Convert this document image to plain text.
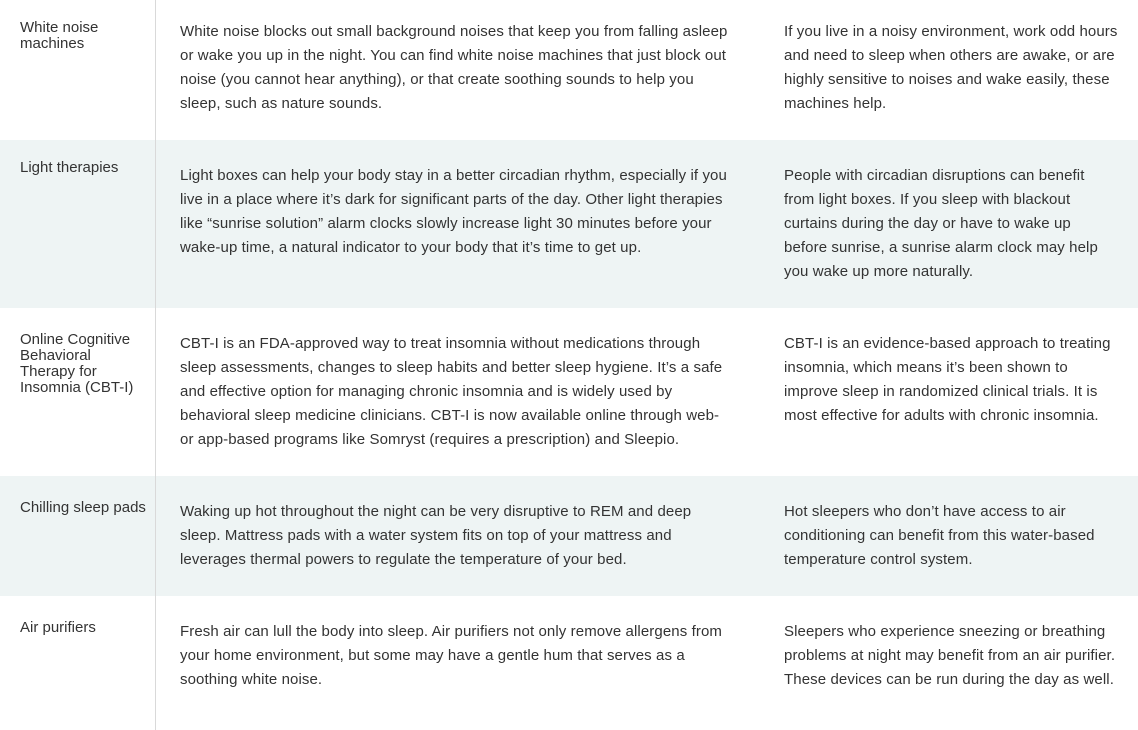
White noise machines
White noise blocks out small background noises that keep you from falling asleep or wake you up in the night. You can find white noise machines that just block out noise (you cannot hear anything), or that create soothing sounds to help you sleep, such as nature sounds.
If you live in a noisy environment, work odd hours and need to sleep when others are awake, or are highly sensitive to noises and wake easily, these machines help.
Light therapies	Light boxes can help your body stay in a better circadian rhythm, especially if you live in a place where it’s dark for significant parts of the day. Other light therapies like “sunrise solution” alarm clocks slowly increase light 30 minutes before your wake-up time, a natural indicator to your body that it’s time to get up.
People with circadian disruptions can benefit from light boxes. If you sleep with blackout curtains during the day or have to wake up before sunrise, a sunrise alarm clock may help you wake up more naturally.
Online Cognitive Behavioral Therapy for Insomnia (CBT-I)
CBT-I is an FDA-approved way to treat insomnia without medications through sleep assessments, changes to sleep habits and better sleep hygiene. It’s a safe and effective option for managing chronic insomnia and is widely used by behavioral sleep medicine clinicians. CBT-I is now available online through web- or app-based programs like Somryst (requires a prescription) and Sleepio.
CBT-I is an evidence-based approach to treating insomnia, which means it’s been shown to improve sleep in randomized clinical trials. It is most effective for adults with chronic insomnia.
Chilling sleep pads Waking up hot throughout the night can be very disruptive to REM and deep sleep. Mattress pads with a water system fits on top of your mattress and leverages thermal powers to regulate the temperature of your bed.
Hot sleepers who don’t have access to air conditioning can benefit from this water-based temperature control system.
Air purifiers	Fresh air can lull the body into sleep. Air purifiers not only remove allergens from your home environment, but some may have a gentle hum that serves as a soothing white noise.
Sleepers who experience sneezing or breathing problems at night may benefit from an air purifier. These devices can be run during the day as well.
